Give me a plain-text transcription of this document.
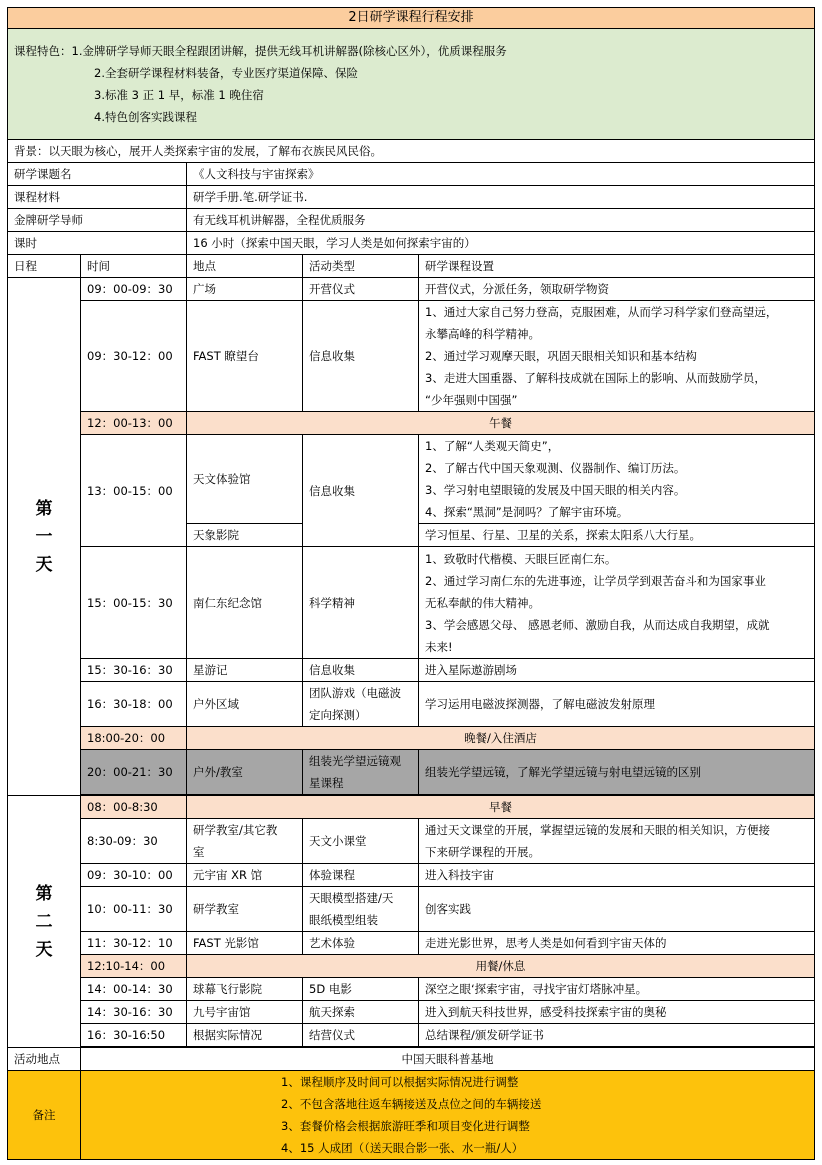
2日研学课程行程安排				

课程特色：1.金牌研学导师天眼全程跟团讲解，提供无线耳机讲解器(除核心区外），优质课程服务
2.全套研学课程材料装备，专业医疗渠道保障、保险
3.标准 3 正 1 早，标准 1 晚住宿
4.特色创客实践课程				

背景：以天眼为核心，展开人类探索宇宙的发展，了解布衣族民风民俗。				
研学课题名		《人文科技与宇宙探索》		
课程材料		研学手册.笔.研学证书.		
金牌研学导师		有无线耳机讲解器，全程优质服务		
课时		16 小时（探索中国天眼，学习人类是如何探索宇宙的）		
日程	时间	地点	活动类型	研学课程设置

第
一
天	09：00-09：30	广场	开营仪式	开营仪式，分派任务，领取研学物资
	09：30-12：00	FAST 瞭望台	信息收集	1、通过大家自己努力登高，克服困难，从而学习科学家们登高望远，
永攀高峰的科学精神。
2、通过学习观摩天眼，巩固天眼相关知识和基本结构
3、走进大国重器、了解科技成就在国际上的影响、从而鼓励学员，
“少年强则中国强”

	12：00-13：00	午餐		
	13：00-15：00	天文体验馆	信息收集	1、了解“人类观天简史”，
2、了解古代中国天象观测、仪器制作、编订历法。
3、学习射电望眼镜的发展及中国天眼的相关内容。
4、探索“黑洞”是洞吗？了解宇宙环境。

		天象影院		学习恒星、行星、卫星的关系，探索太阳系八大行星。
	15：00-15：30	南仁东纪念馆	科学精神	1、致敬时代楷模、天眼巨匠南仁东。
2、通过学习南仁东的先进事迹，让学员学到艰苦奋斗和为国家事业
无私奉献的伟大精神。
3、学会感恩父母、 感恩老师、激励自我，从而达成自我期望，成就
未来!

	15：30-16：30	星游记	信息收集	进入星际遨游剧场
	16：30-18：00	户外区域	团队游戏（电磁波
定向探测）	学习运用电磁波探测器，了解电磁波发射原理
	18:00-20：00	晚餐/入住酒店		
	20：00-21：30	户外/教室	组装光学望远镜观
星课程	组装光学望远镜，了解光学望远镜与射电望远镜的区别

第
二
天	08：00-8:30	早餐		
	8:30-09：30	研学教室/其它教
室	天文小课堂	通过天文课堂的开展，掌握望远镜的发展和天眼的相关知识，方便接
下来研学课程的开展。

	09：30-10：00	元宇宙 XR 馆	体验课程	进入科技宇宙
	10：00-11：30	研学教室	天眼模型搭建/天
眼纸模型组装	创客实践
	11：30-12：10	FAST 光影馆	艺术体验	走进光影世界，思考人类是如何看到宇宙天体的
	12:10-14：00	用餐/休息		
	14：00-14：30	球幕飞行影院	5D 电影	深空之眼‘探索宇宙，寻找宇宙灯塔脉冲星。
	14：30-16：30	九号宇宙馆	航天探索	进入到航天科技世界，感受科技探索宇宙的奥秘
	16：30-16:50	根据实际情况	结营仪式	总结课程/颁发研学证书

活动地点	中国天眼科普基地			
备注	1、课程顺序及时间可以根据实际情况进行调整
2、不包含落地往返车辆接送及点位之间的车辆接送
3、套餐价格会根据旅游旺季和项目变化进行调整
4、15 人成团（（送天眼合影一张、水一瓶/人）			
